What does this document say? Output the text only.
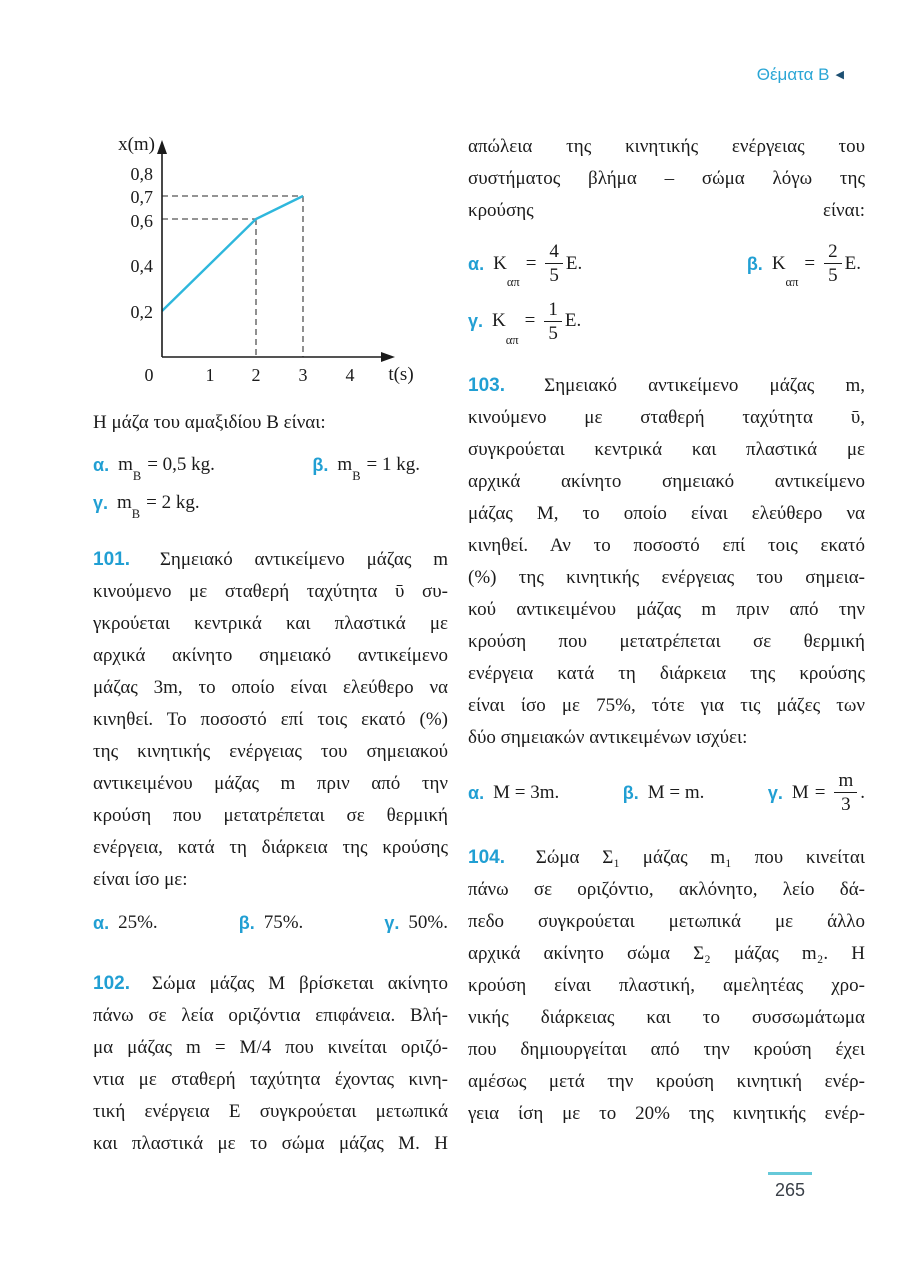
Θέματα Β ◀
x(m)
t(s)
0,8
0,7
0,6
0,4
0,2
0	1 2 3 4
Η μάζα του αμαξιδίου Β είναι:
α. m
B
= 0,5 kg.	β. m
B
= 1 kg.
γ. m
B
= 2 kg.
101. Σημειακό αντικείμενο μάζας m
κινούμενο με σταθερή ταχύτητα ῡ συ-
γκρούεται κεντρικά και πλαστικά με
αρχικά ακίνητο σημειακό αντικείμενο
μάζας 3m, το οποίο είναι ελεύθερο να
κινηθεί. Το ποσοστό επί τοις εκατό (%)
της κινητικής ενέργειας του σημειακού
αντικειμένου μάζας m πριν από την
κρούση που μετατρέπεται σε θερμική
ενέργεια, κατά τη διάρκεια της κρούσης
είναι ίσο με:
α. 25%.	β. 75%.	γ. 50%.
102. Σώμα μάζας Μ βρίσκεται ακίνητο
πάνω σε λεία οριζόντια επιφάνεια. Βλή-
μα μάζας m = Μ/4 που κινείται οριζό-
ντια με σταθερή ταχύτητα έχοντας κινη-
τική ενέργεια Ε συγκρούεται μετωπικά
και πλαστικά με το σώμα μάζας Μ. Η
απώλεια της κινητικής ενέργειας του
συστήματος βλήμα – σώμα λόγω της
κρούσης είναι:
α. K
απ
= $\frac{4}{5} E$.	β. K
απ
= $\frac{2}{5} E$.
γ. K
απ
= $\frac{1}{5} E$.
103. Σημειακό αντικείμενο μάζας m,
κινούμενο με σταθερή ταχύτητα ῡ,
συγκρούεται κεντρικά και πλαστικά με
αρχικά ακίνητο σημειακό αντικείμενο
μάζας Μ, το οποίο είναι ελεύθερο να
κινηθεί. Αν το ποσοστό επί τοις εκατό
(%) της κινητικής ενέργειας του σημεια-
κού αντικειμένου μάζας m πριν από την
κρούση που μετατρέπεται σε θερμική
ενέργεια κατά τη διάρκεια της κρούσης
είναι ίσο με 75%, τότε για τις μάζες των
δύο σημειακών αντικειμένων ισχύει:
α. M = 3m.	β. M = m.	γ. $M = \frac{m}{3}$ .
104. Σώμα Σ₁ μάζας m₁ που κινείται
πάνω σε οριζόντιο, ακλόνητο, λείο δά-
πεδο συγκρούεται μετωπικά με άλλο
αρχικά ακίνητο σώμα Σ₂ μάζας m₂. Η
κρούση είναι πλαστική, αμελητέας χρο-
νικής διάρκειας και το συσσωμάτωμα
που δημιουργείται από την κρούση έχει
αμέσως μετά την κρούση κινητική ενέρ-
γεια ίση με το 20% της κινητικής ενέρ-
265
